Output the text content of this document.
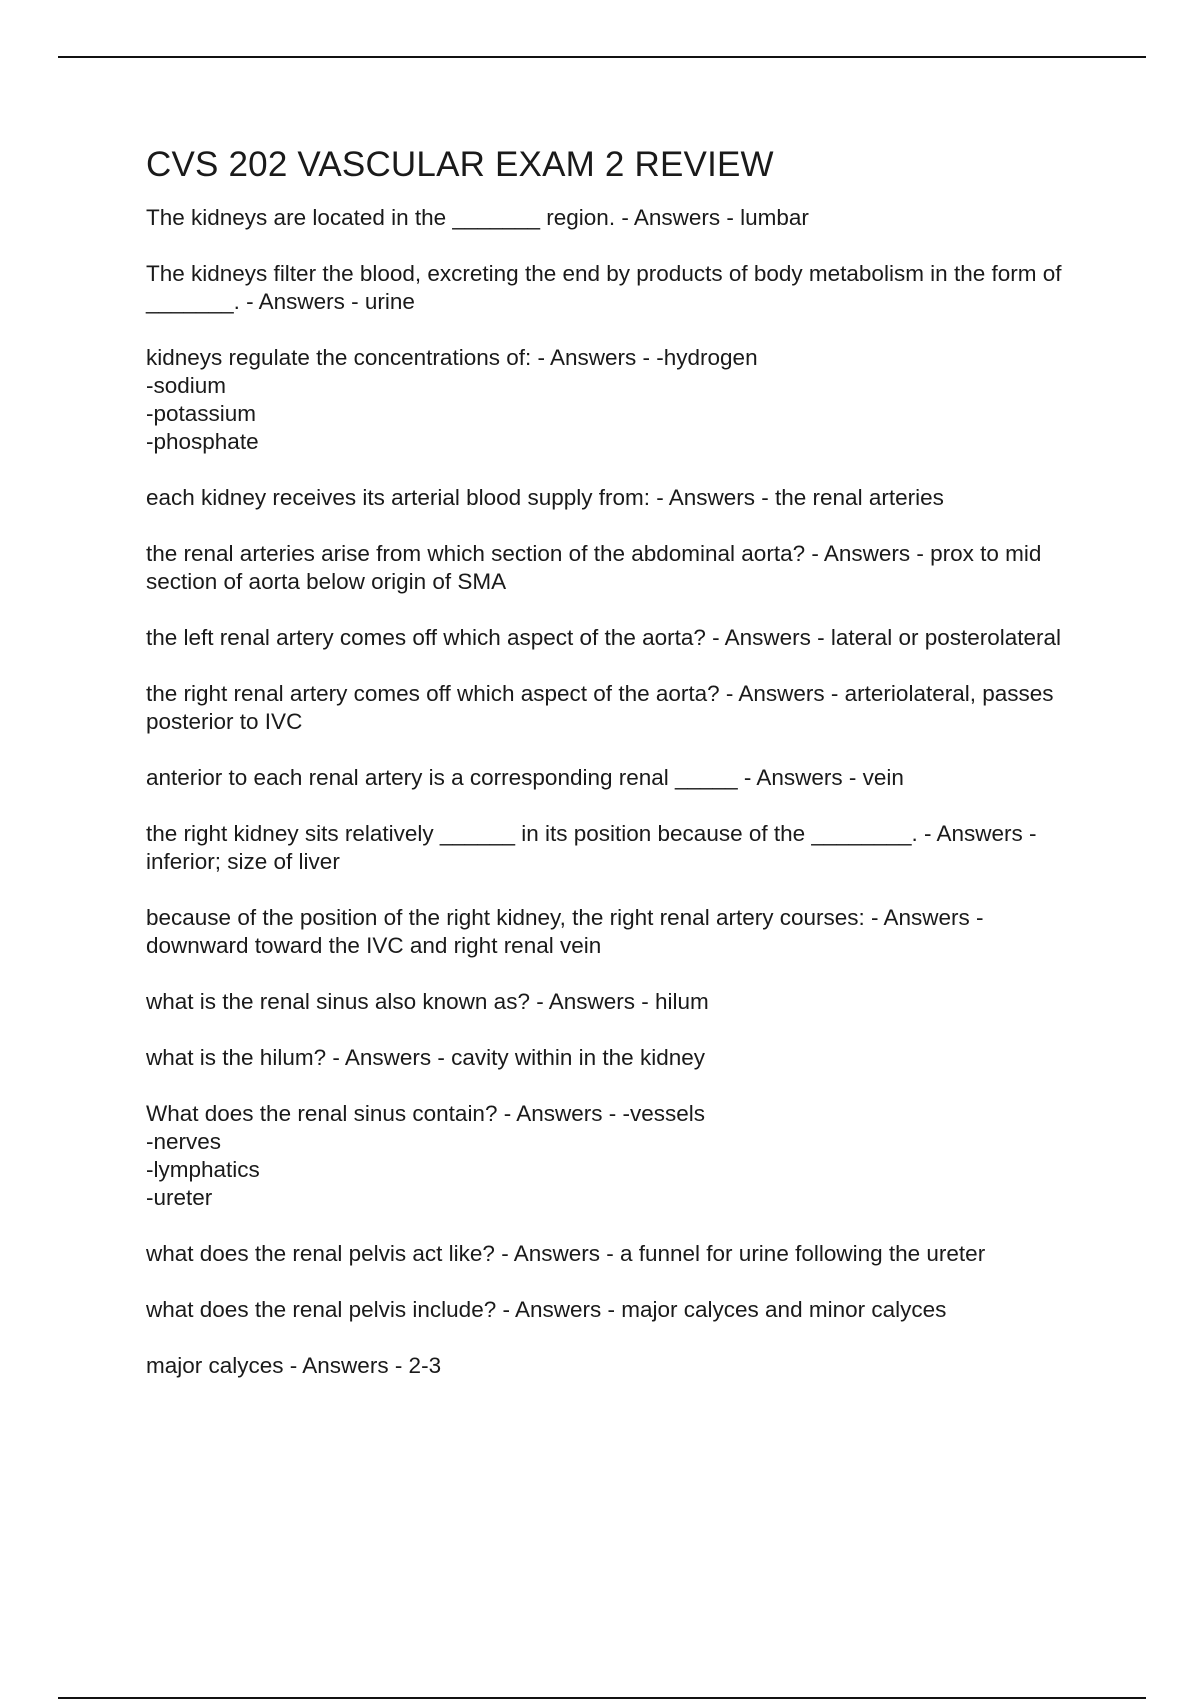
CVS 202 VASCULAR EXAM 2 REVIEW
The kidneys are located in the _______ region. - Answers - lumbar
The kidneys filter the blood, excreting the end by products of body metabolism in the form of _______. - Answers - urine
kidneys regulate the concentrations of: - Answers - -hydrogen
-sodium
-potassium
-phosphate
each kidney receives its arterial blood supply from: - Answers - the renal arteries
the renal arteries arise from which section of the abdominal aorta? - Answers - prox to mid section of aorta below origin of SMA
the left renal artery comes off which aspect of the aorta? - Answers - lateral or posterolateral
the right renal artery comes off which aspect of the aorta? - Answers - arteriolateral, passes posterior to IVC
anterior to each renal artery is a corresponding renal _____ - Answers - vein
the right kidney sits relatively ______ in its position because of the ________. - Answers - inferior; size of liver
because of the position of the right kidney, the right renal artery courses: - Answers - downward toward the IVC and right renal vein
what is the renal sinus also known as? - Answers - hilum
what is the hilum? - Answers - cavity within in the kidney
What does the renal sinus contain? - Answers - -vessels
-nerves
-lymphatics
-ureter
what does the renal pelvis act like? - Answers - a funnel for urine following the ureter
what does the renal pelvis include? - Answers - major calyces and minor calyces
major calyces - Answers - 2-3
